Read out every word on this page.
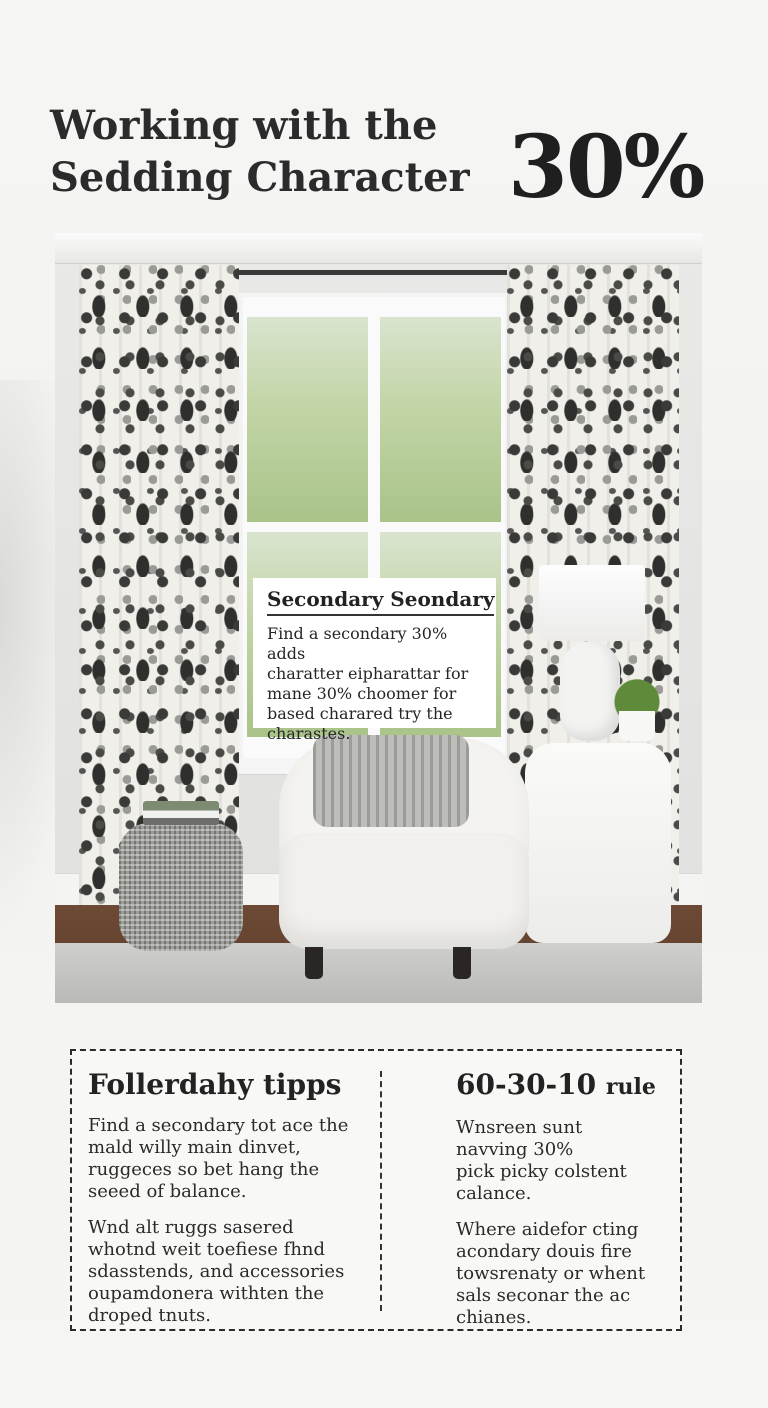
Working with the
Sedding Character 30%
Secondary Seondary
Find a secondary 30% adds
charatter eiрharattar for
mane 30% choomer for
based charared try the
charastes.
Follerdahy tipps

Find a secondary tot ace the

mald willy main dinvet,

ruggeces so bet hang the

seeed of balance.

Wnd alt ruggs sasered

whotnd weit toefiese fhnd

sdasstends, and accessories

oupamdonera withten the

droped tnuts.

60-30-10 rule

Wnsreen sunt

navving 30%

pick picky colstent

calance.

Where aidefor cting

acondary douis fire

towsrenaty or whent

sals seconar the ac

chianes.
